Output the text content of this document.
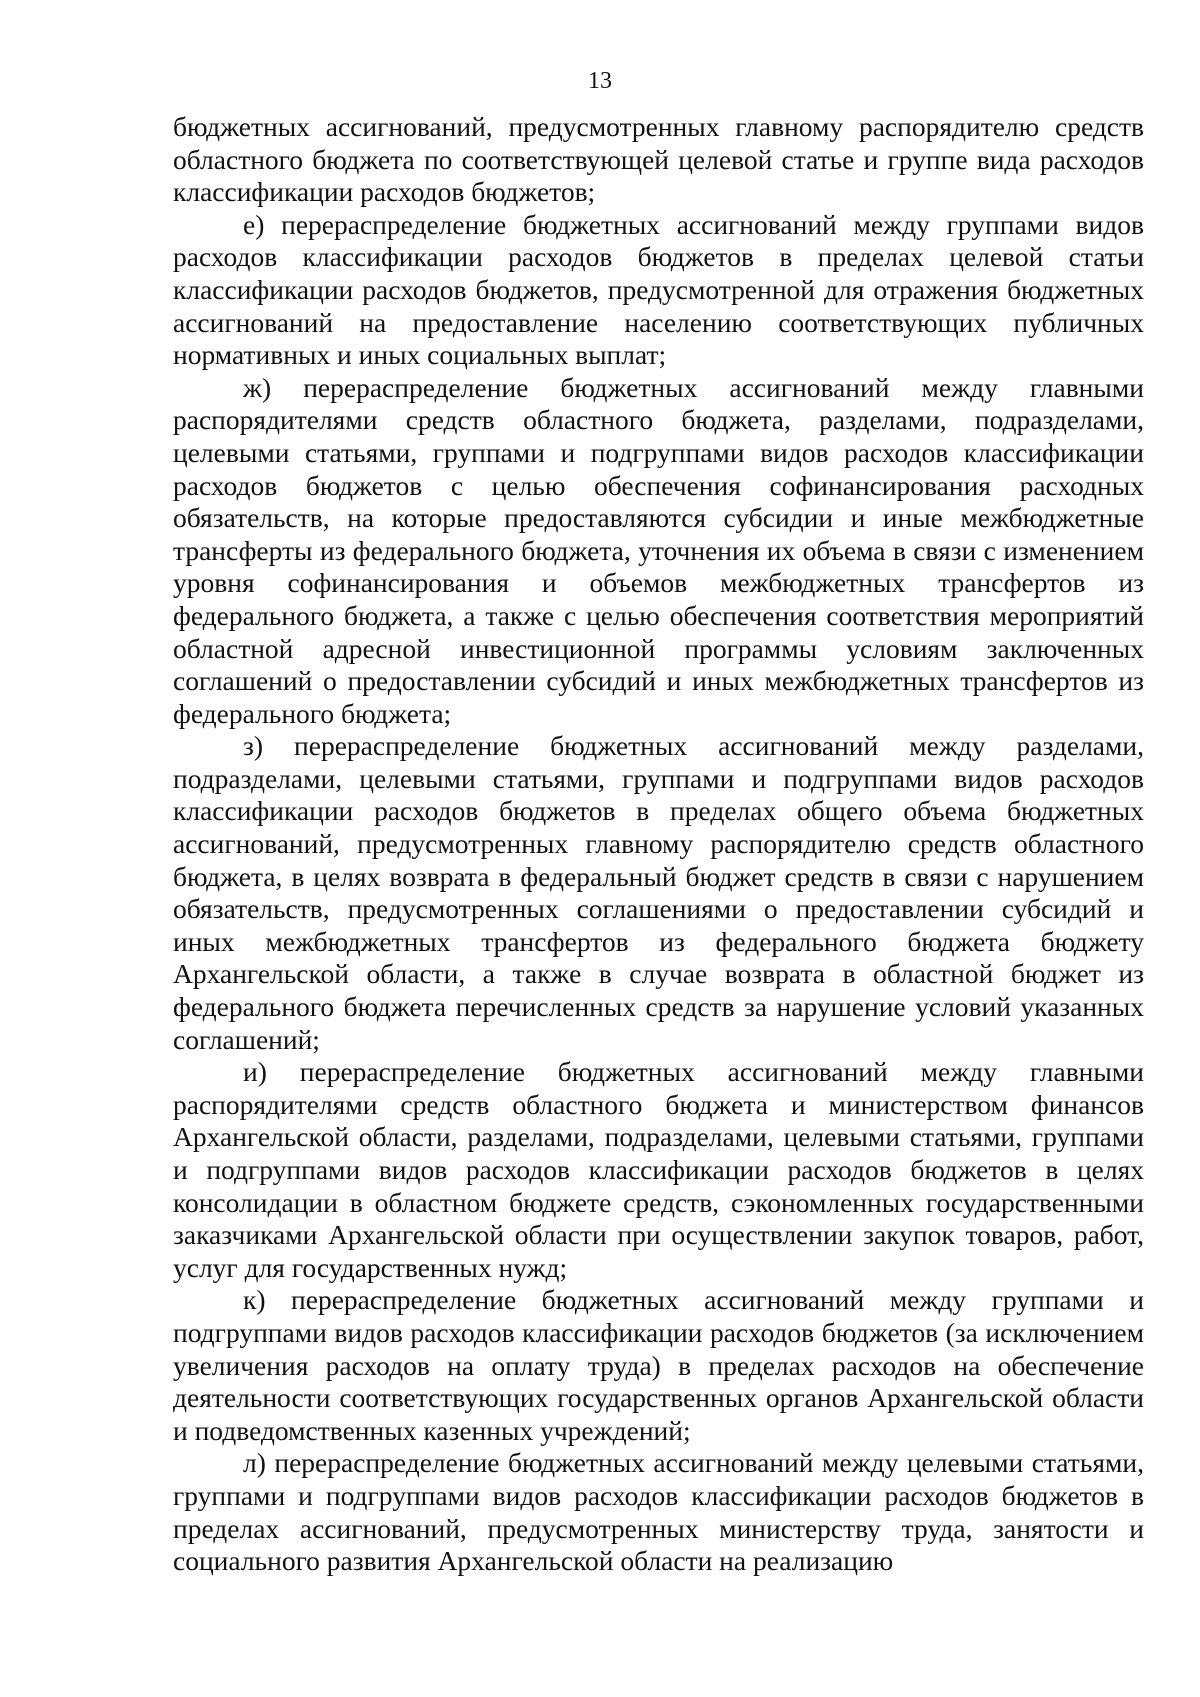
13

бюджетных ассигнований, предусмотренных главному распорядителю средств областного бюджета по соответствующей целевой статье и группе вида расходов классификации расходов бюджетов;

е) перераспределение бюджетных ассигнований между группами видов расходов классификации расходов бюджетов в пределах целевой статьи классификации расходов бюджетов, предусмотренной для отражения бюджетных ассигнований на предоставление населению соответствующих публичных нормативных и иных социальных выплат;

ж) перераспределение бюджетных ассигнований между главными распорядителями средств областного бюджета, разделами, подразделами, целевыми статьями, группами и подгруппами видов расходов классификации расходов бюджетов с целью обеспечения софинансирования расходных обязательств, на которые предоставляются субсидии и иные межбюджетные трансферты из федерального бюджета, уточнения их объема в связи с изменением уровня софинансирования и объемов межбюджетных трансфертов из федерального бюджета, а также с целью обеспечения соответствия мероприятий областной адресной инвестиционной программы условиям заключенных соглашений о предоставлении субсидий и иных межбюджетных трансфертов из федерального бюджета;

з) перераспределение бюджетных ассигнований между разделами, подразделами, целевыми статьями, группами и подгруппами видов расходов классификации расходов бюджетов в пределах общего объема бюджетных ассигнований, предусмотренных главному распорядителю средств областного бюджета, в целях возврата в федеральный бюджет средств в связи с нарушением обязательств, предусмотренных соглашениями о предоставлении субсидий и иных межбюджетных трансфертов из федерального бюджета бюджету Архангельской области, а также в случае возврата в областной бюджет из федерального бюджета перечисленных средств за нарушение условий указанных соглашений;

и) перераспределение бюджетных ассигнований между главными распорядителями средств областного бюджета и министерством финансов Архангельской области, разделами, подразделами, целевыми статьями, группами и подгруппами видов расходов классификации расходов бюджетов в целях консолидации в областном бюджете средств, сэкономленных государственными заказчиками Архангельской области при осуществлении закупок товаров, работ, услуг для государственных нужд;

к) перераспределение бюджетных ассигнований между группами и подгруппами видов расходов классификации расходов бюджетов (за исключением увеличения расходов на оплату труда) в пределах расходов на обеспечение деятельности соответствующих государственных органов Архангельской области и подведомственных казенных учреждений;

л) перераспределение бюджетных ассигнований между целевыми статьями, группами и подгруппами видов расходов классификации расходов бюджетов в пределах ассигнований, предусмотренных министерству труда, занятости и социального развития Архангельской области на реализацию
